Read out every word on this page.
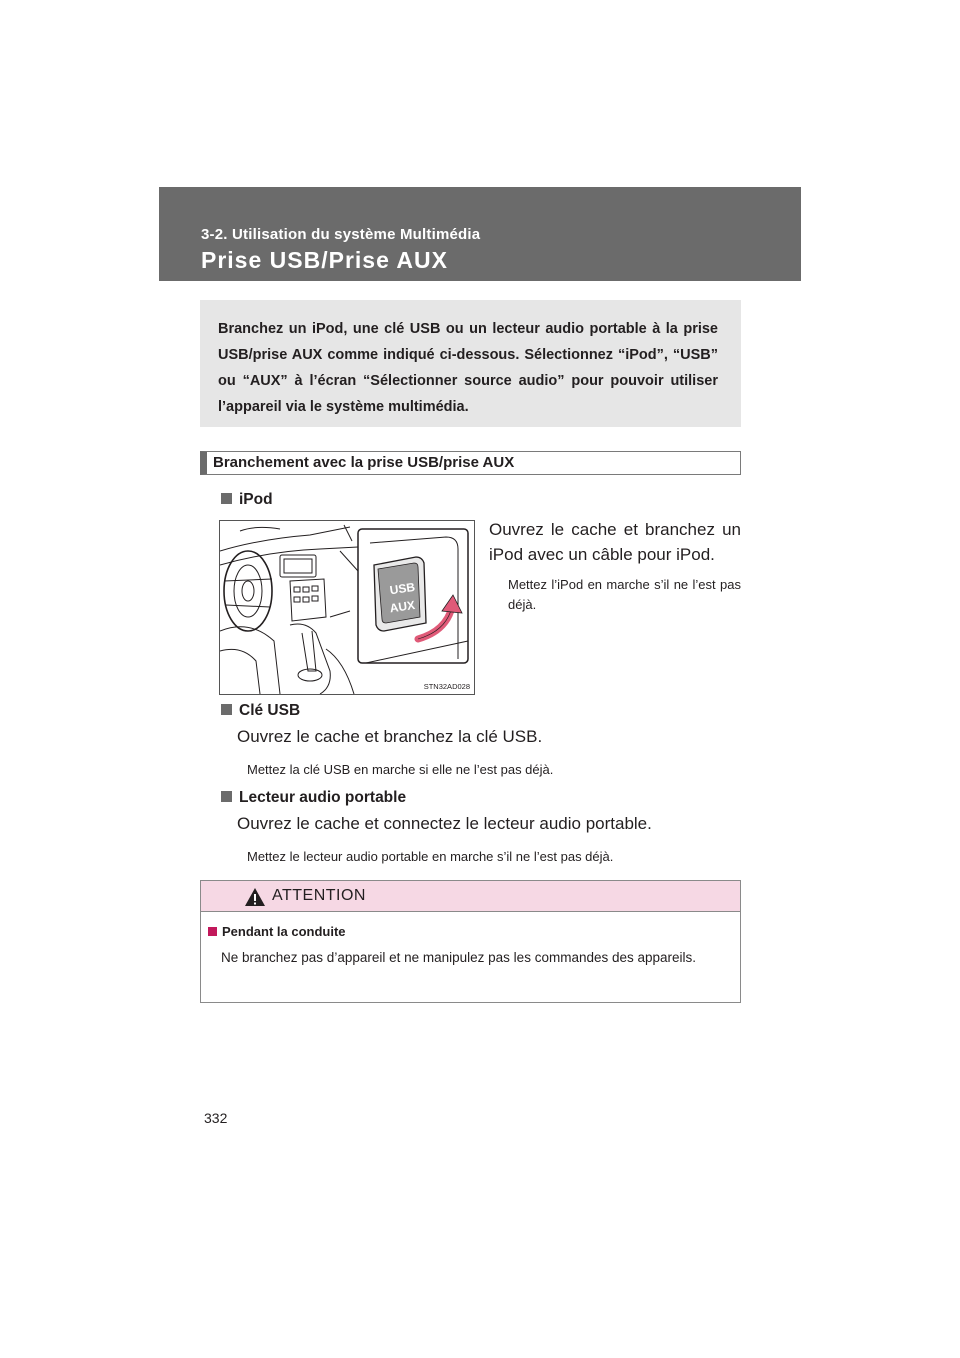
3-2. Utilisation du système Multimédia
Prise USB/Prise AUX

Branchez un iPod, une clé USB ou un lecteur audio portable à la prise USB/prise AUX comme indiqué ci-dessous. Sélectionnez “iPod”, “USB” ou “AUX” à l’écran “Sélectionner source audio” pour pouvoir utiliser l’appareil via le système multimédia.

Branchement avec la prise USB/prise AUX
iPod
USB
AUX
STN32AD028
Ouvrez le cache et branchez un iPod avec un câble pour iPod.
Mettez l’iPod en marche s’il ne l’est pas déjà.
Clé USB
Ouvrez le cache et branchez la clé USB.
Mettez la clé USB en marche si elle ne l’est pas déjà.
Lecteur audio portable
Ouvrez le cache et connectez le lecteur audio portable.
Mettez le lecteur audio portable en marche s’il ne l’est pas déjà.
ATTENTION
Pendant la conduite

Ne branchez pas d’appareil et ne manipulez pas les commandes des appareils.

332
